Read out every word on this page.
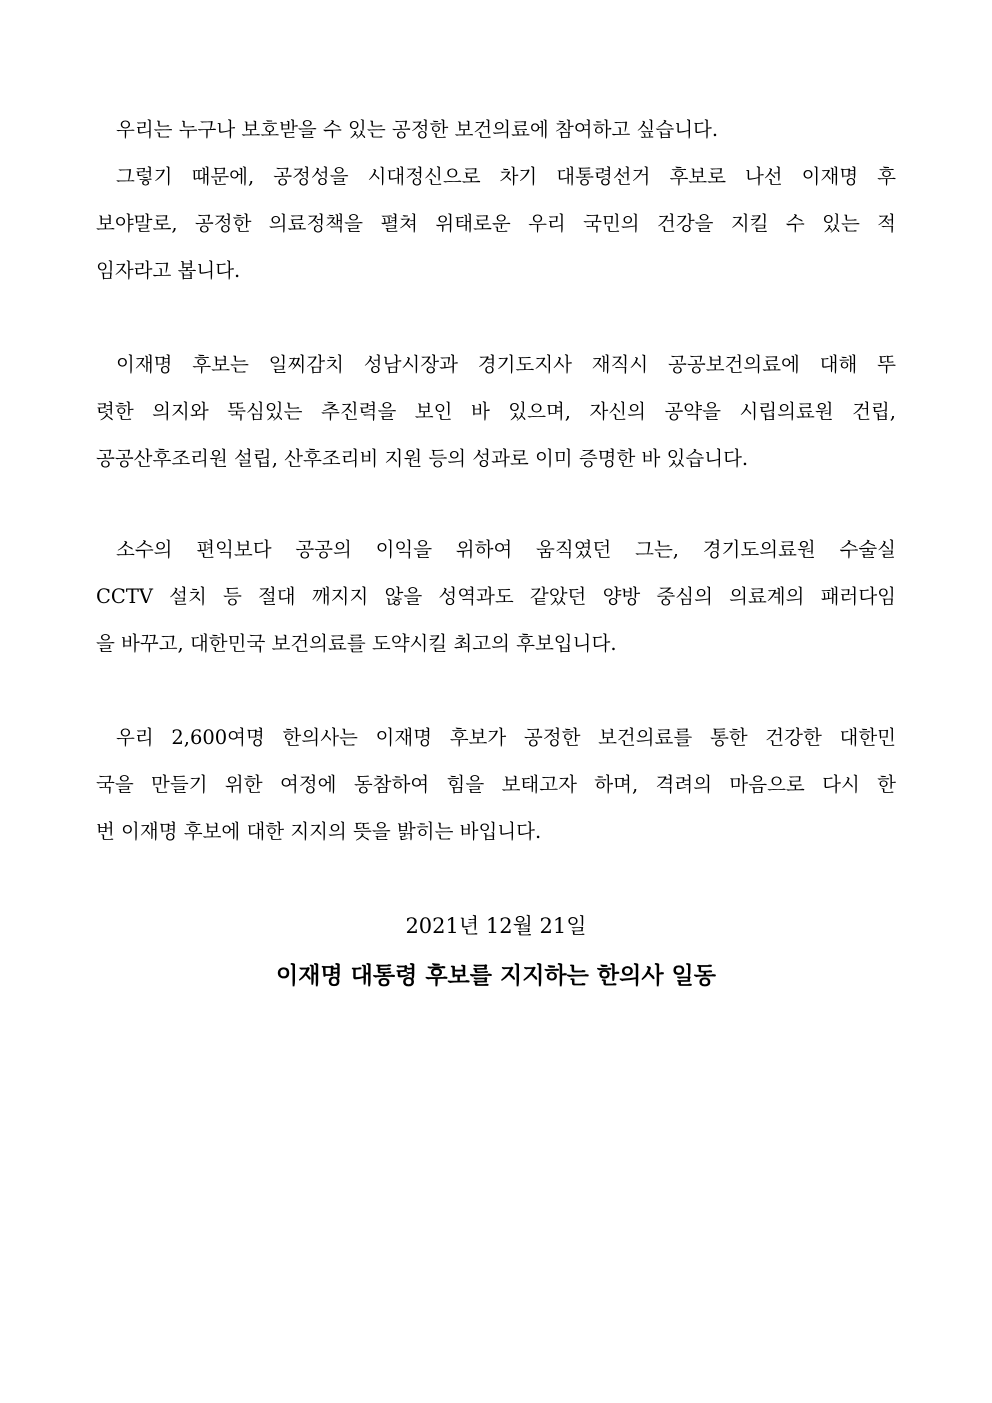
우리는 누구나 보호받을 수 있는 공정한 보건의료에 참여하고 싶습니다.
그렇기 때문에, 공정성을 시대정신으로 차기 대통령선거 후보로 나선 이재명 후
보야말로, 공정한 의료정책을 펼쳐 위태로운 우리 국민의 건강을 지킬 수 있는 적
임자라고 봅니다.
이재명 후보는 일찌감치 성남시장과 경기도지사 재직시 공공보건의료에 대해 뚜
렷한 의지와 뚝심있는 추진력을 보인 바 있으며, 자신의 공약을 시립의료원 건립,
공공산후조리원 설립, 산후조리비 지원 등의 성과로 이미 증명한 바 있습니다.
소수의 편익보다 공공의 이익을 위하여 움직였던 그는, 경기도의료원 수술실
CCTV 설치 등 절대 깨지지 않을 성역과도 같았던 양방 중심의 의료계의 패러다임
을 바꾸고, 대한민국 보건의료를 도약시킬 최고의 후보입니다.
우리 2,600여명 한의사는 이재명 후보가 공정한 보건의료를 통한 건강한 대한민
국을 만들기 위한 여정에 동참하여 힘을 보태고자 하며, 격려의 마음으로 다시 한
번 이재명 후보에 대한 지지의 뜻을 밝히는 바입니다.
2021년 12월 21일
이재명 대통령 후보를 지지하는 한의사 일동
